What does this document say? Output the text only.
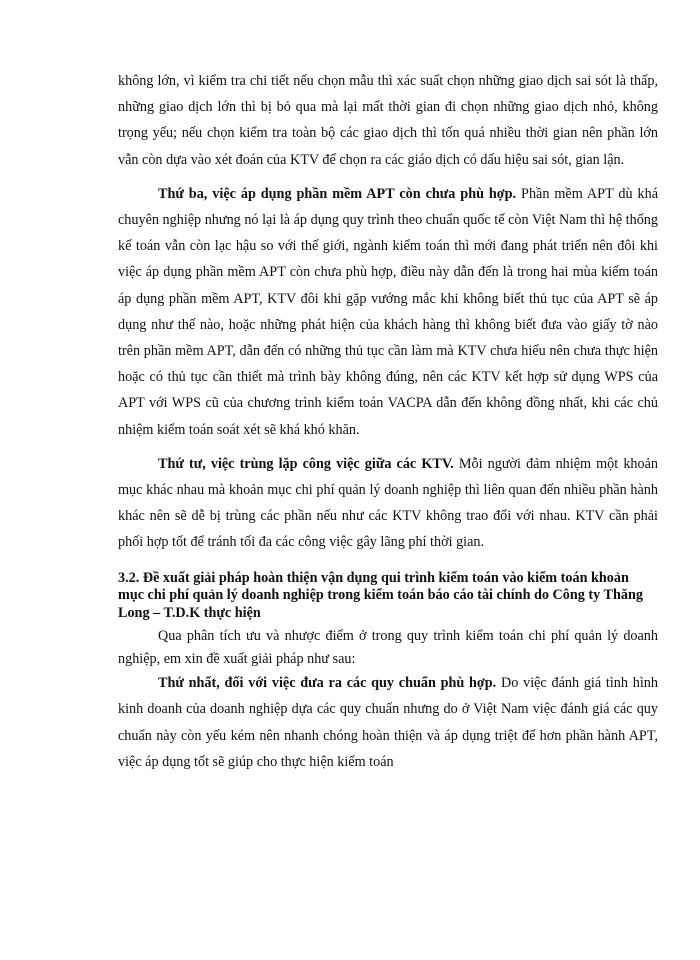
không lớn, vì kiểm tra chi tiết nếu chọn mẫu thì xác suất chọn những giao dịch sai sót là thấp, những giao dịch lớn thì bị bỏ qua mà lại mất thời gian đi chọn những giao dịch nhỏ, không trọng yếu; nếu chọn kiểm tra toàn bộ các giao dịch thì tốn quá nhiều thời gian nên phần lớn vẫn còn dựa vào xét đoán của KTV để chọn ra các giáo dịch có dấu hiệu sai sót, gian lận.

Thứ ba, việc áp dụng phần mềm APT còn chưa phù hợp. Phần mềm APT dù khá chuyên nghiệp nhưng nó lại là áp dụng quy trình theo chuẩn quốc tế còn Việt Nam thì hệ thống kế toán vẫn còn lạc hậu so với thế giới, ngành kiểm toán thì mới đang phát triển nên đôi khi việc áp dụng phần mềm APT còn chưa phù hợp, điều này dẫn đến là trong hai mùa kiểm toán áp dụng phần mềm APT, KTV đôi khi gặp vướng mắc khi không biết thủ tục của APT sẽ áp dụng như thế nào, hoặc những phát hiện của khách hàng thì không biết đưa vào giấy tờ nào trên phần mềm APT, dẫn đến có những thủ tục cần làm mà KTV chưa hiểu nên chưa thực hiện hoặc có thủ tục cần thiết mà trình bày không đúng, nên các KTV kết hợp sử dụng WPS của APT với WPS cũ của chương trình kiểm toán VACPA dẫn đến không đồng nhất, khi các chủ nhiệm kiểm toán soát xét sẽ khá khó khăn.

Thứ tư, việc trùng lặp công việc giữa các KTV. Mỗi người đảm nhiệm một khoản mục khác nhau mà khoản mục chi phí quản lý doanh nghiệp thì liên quan đến nhiều phần hành khác nên sẽ dễ bị trùng các phần nếu như các KTV không trao đổi với nhau. KTV cần phải phối hợp tốt để tránh tối đa các công việc gây lãng phí thời gian.

3.2. Đề xuất giải pháp hoàn thiện vận dụng qui trình kiểm toán vào kiểm toán khoản mục chi phí quản lý doanh nghiệp trong kiểm toán báo cáo tài chính do Công ty Thăng Long – T.D.K thực hiện

Qua phân tích ưu và nhược điểm ở trong quy trình kiểm toán chi phí quản lý doanh nghiệp, em xin đề xuất giải pháp như sau:

Thứ nhất, đối với việc đưa ra các quy chuẩn phù hợp. Do việc đánh giá tình hình kinh doanh của doanh nghiệp dựa các quy chuẩn nhưng do ở Việt Nam việc đánh giá các quy chuẩn này còn yếu kém nên nhanh chóng hoàn thiện và áp dụng triệt để hơn phần hành APT, việc áp dụng tốt sẽ giúp cho thực hiện kiểm toán
